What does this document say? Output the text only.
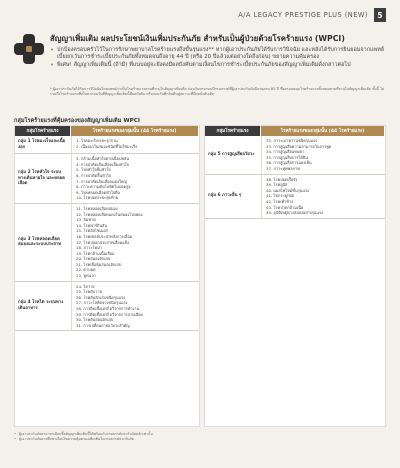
A/A LEGACY PRESTIGE PLUS (NEW)	5
สัญญาเพิ่มเติม ผลประโยชน์เงินเพิ่มประกันภัย สำหรับเป็นผู้ป่วยด้วยโรคร้ายแรง (WPCI)
• ปกป้องครอบครัวไว้ในการรักษาพยาบาลโรคร้ายแรงถึงขั้นรุนแรง** หากผู้เอาประกันภัยได้รับการวินิจฉัย และหลังได้รับการยินยอมจากแพทย์ เบี้ยยกเว้นการชำระเบี้ยประกันภัยทั้งหมดจนถึงอายุ 44 ปี (หรือ 20 ปีแล้วแต่อย่างใดถึงก่อน) ขยายความคุ้มครอง
• พิเศษ! สัญญาเพิ่มเติมนี้ (ถ้ามี) ที่แนบอยู่จะยังคงมีผลบังคับตามเงื่อนไขการชำระเบี้ยประกันภัยของสัญญาเพิ่มเติมดังกล่าวต่อไป
* ผู้เอาประกันภัยได้รับการวินิจฉัยโดยแพทย์ว่าเป็นโรคร้ายแรงตามที่ระบุในสัญญาเพิ่มเติม ก่อนวันครบรอบปีกรมธรรม์ที่ผู้เอาประกันภัยมีอายุครบ 85 ปี ซึ่งครอบคลุมโรคร้ายแรงทั้งหมดตามที่ระบุในสัญญาเพิ่มเติม ทั้งนี้ ไม่รวมถึงโรคร้ายแรงที่เป็นมาก่อนวันที่สัญญาเพิ่มเติมนี้มีผลบังคับ หรือก่อนวันที่กลับคืนสู่สถานะที่มีผลบังคับเดิม
กลุ่มโรคร้ายแรงที่คุ้มครองของสัญญาเพิ่มเติม WPCI
กลุ่มโรคร้ายแรง	โรคร้ายแรงของกลุ่มนั้น (44 โรคร้ายแรง)
กลุ่ม 1 โรคมะเร็งและเนื้องอก
1. โรคมะเร็งระยะรุกราน
2. เนื้องอกในสมองชนิดที่ไม่ใช่มะเร็ง
กลุ่ม 2 โรคหัวใจ ระบบทางเดินหายใจ และหลอดเลือด
3. กล้ามเนื้อหัวใจตายเฉียบพลัน
4. การผ่าตัดเส้นเลือดเลี้ยงหัวใจ
5. โรคหัวใจลิ้นหัวใจ
6. การผ่าตัดลิ้นหัวใจ
7. การผ่าตัดเส้นเลือดแดงใหญ่
8. ภาวะความดันโลหิตในปอดสูง
9. โรคหลอดเลือดหัวใจตีบ
10. โรคปอดระยะสุดท้าย
กลุ่ม 3 โรคหลอดเลือดสมองและระบบประสาท
11. โรคหลอดเลือดสมอง
12. โรคหลอดเลือดแดงในสมองโป่งพอง
13. อัมพาต
14. โรคพาร์กินสัน
15. โรคอัลไซเมอร์
16. โรคเซลล์ประสาทสั่งการเสื่อม
17. โรคปลอกประสาทเสื่อมแข็ง
18. ภาวะโคม่า
19. โรคกล้ามเนื้อเสื่อม
20. โรคสมองอักเสบ
21. โรคเยื่อหุ้มสมองอักเสบ
22. ตาบอด
23. หูหนวก
กลุ่ม 4 โรคไต ระบบทางเดินอาหาร
24. ไตวาย
25. โรคตับวาย
26. โรคตับอักเสบชนิดรุนแรง
27. ภาวะโลหิตจางชนิดรุนแรง
28. การติดเชื้อเอชไอวีจากการทำงาน
29. การติดเชื้อเอชไอวีจากการถ่ายเลือด
30. โรคตับอ่อนอักเสบ
31. การเปลี่ยนถ่ายอวัยวะสำคัญ
กลุ่มโรคร้ายแรง	โรคร้ายแรงของกลุ่มนั้น (44 โรคร้ายแรง)
กลุ่ม 5 การสูญเสียอวัยวะ
32. ภาวะเบาหวานชนิดรุนแรง
33. การสูญเสียความสามารถในการพูด
34. การสูญเสียแขนขา
35. การสูญเสียการได้ยิน
36. การสูญเสียการมองเห็น
37. ภาวะทุพพลภาพ
กลุ่ม 6 ภาวะอื่น ๆ
38. โรคปอดเรื้อรัง
39. โรคลูปัส
40. แผลไฟไหม้ขั้นรุนแรง
41. ไขกระดูกฝ่อ
42. โรคเท้าช้าง
43. โรคปวดกล้ามเนื้อ
44. อุบัติเหตุทางสมองอย่างรุนแรง
• ผู้เอาประกันภัยสามารถเลือกซื้อสัญญาเพิ่มเติมนี้ได้พร้อมกับกรมธรรม์ประกันภัยหลักเท่านั้น
• ผู้เอาประกันภัยควรศึกษาเงื่อนไขความคุ้มครองเพิ่มเติมในกรมธรรม์ประกันภัย
